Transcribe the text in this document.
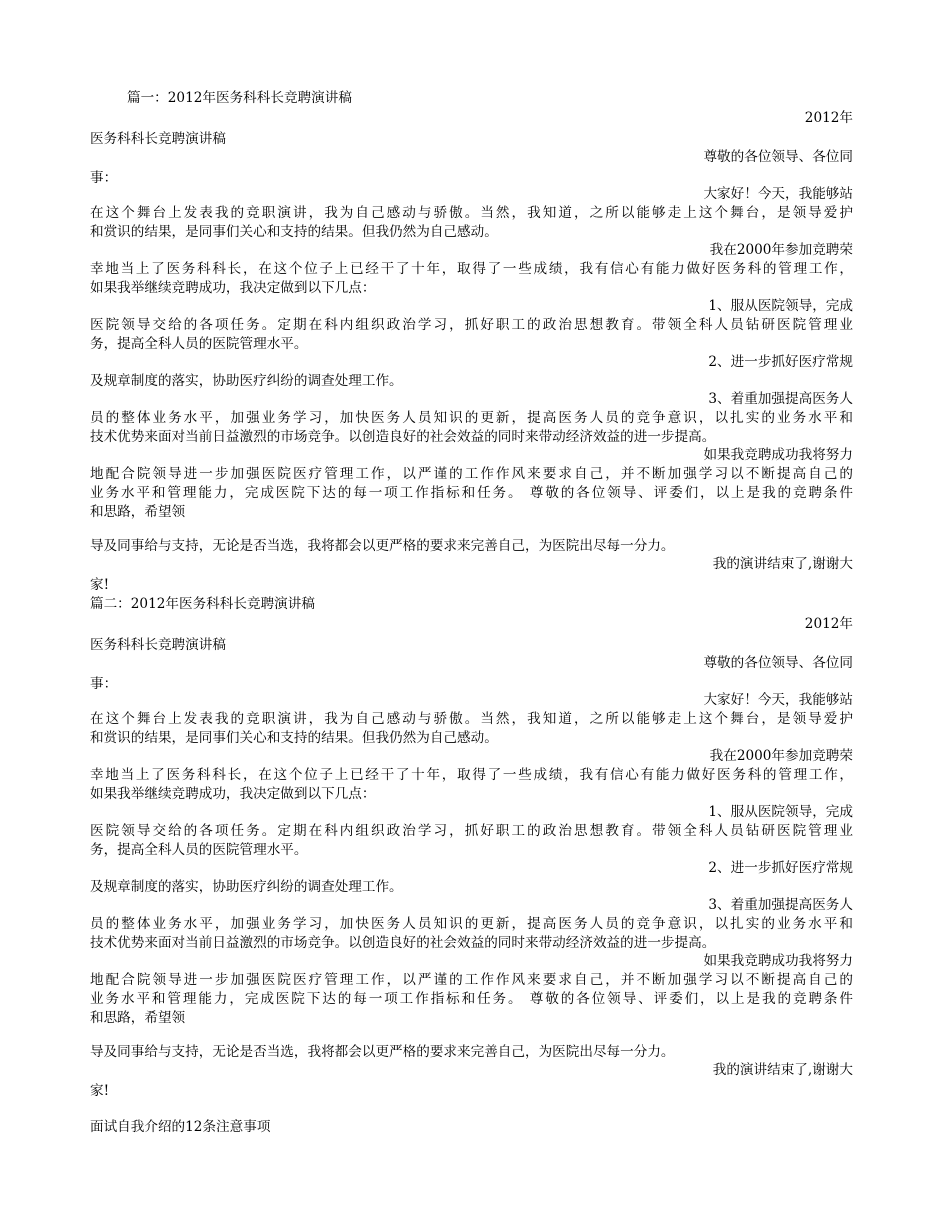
篇一：2012年医务科科长竞聘演讲稿
2012年
医务科科长竞聘演讲稿
尊敬的各位领导、各位同
事：
大家好！今天，我能够站
在这个舞台上发表我的竞职演讲，我为自己感动与骄傲。当然，我知道，之所以能够走上这个舞台，是领导爱护
和赏识的结果，是同事们关心和支持的结果。但我仍然为自己感动。
我在2000年参加竞聘荣
幸地当上了医务科科长，在这个位子上已经干了十年，取得了一些成绩，我有信心有能力做好医务科的管理工作，
如果我举继续竞聘成功，我决定做到以下几点：
1、服从医院领导，完成
医院领导交给的各项任务。定期在科内组织政治学习，抓好职工的政治思想教育。带领全科人员钻研医院管理业
务，提高全科人员的医院管理水平。
2、进一步抓好医疗常规
及规章制度的落实，协助医疗纠纷的调查处理工作。
3、着重加强提高医务人
员的整体业务水平，加强业务学习，加快医务人员知识的更新，提高医务人员的竞争意识，以扎实的业务水平和
技术优势来面对当前日益激烈的市场竞争。以创造良好的社会效益的同时来带动经济效益的进一步提高。
如果我竞聘成功我将努力
地配合院领导进一步加强医院医疗管理工作，以严谨的工作作风来要求自己，并不断加强学习以不断提高自己的
业务水平和管理能力，完成医院下达的每一项工作指标和任务。 尊敬的各位领导、评委们，以上是我的竞聘条件
和思路，希望领
导及同事给与支持，无论是否当选，我将都会以更严格的要求来完善自己，为医院出尽每一分力。
我的演讲结束了,谢谢大
家!
篇二：2012年医务科科长竞聘演讲稿
2012年
医务科科长竞聘演讲稿
尊敬的各位领导、各位同
事：
大家好！今天，我能够站
在这个舞台上发表我的竞职演讲，我为自己感动与骄傲。当然，我知道，之所以能够走上这个舞台，是领导爱护
和赏识的结果，是同事们关心和支持的结果。但我仍然为自己感动。
我在2000年参加竞聘荣
幸地当上了医务科科长，在这个位子上已经干了十年，取得了一些成绩，我有信心有能力做好医务科的管理工作，
如果我举继续竞聘成功，我决定做到以下几点：
1、服从医院领导，完成
医院领导交给的各项任务。定期在科内组织政治学习，抓好职工的政治思想教育。带领全科人员钻研医院管理业
务，提高全科人员的医院管理水平。
2、进一步抓好医疗常规
及规章制度的落实，协助医疗纠纷的调查处理工作。
3、着重加强提高医务人
员的整体业务水平，加强业务学习，加快医务人员知识的更新，提高医务人员的竞争意识，以扎实的业务水平和
技术优势来面对当前日益激烈的市场竞争。以创造良好的社会效益的同时来带动经济效益的进一步提高。
如果我竞聘成功我将努力
地配合院领导进一步加强医院医疗管理工作，以严谨的工作作风来要求自己，并不断加强学习以不断提高自己的
业务水平和管理能力，完成医院下达的每一项工作指标和任务。 尊敬的各位领导、评委们，以上是我的竞聘条件
和思路，希望领
导及同事给与支持，无论是否当选，我将都会以更严格的要求来完善自己，为医院出尽每一分力。
我的演讲结束了,谢谢大
家!
面试自我介绍的12条注意事项
